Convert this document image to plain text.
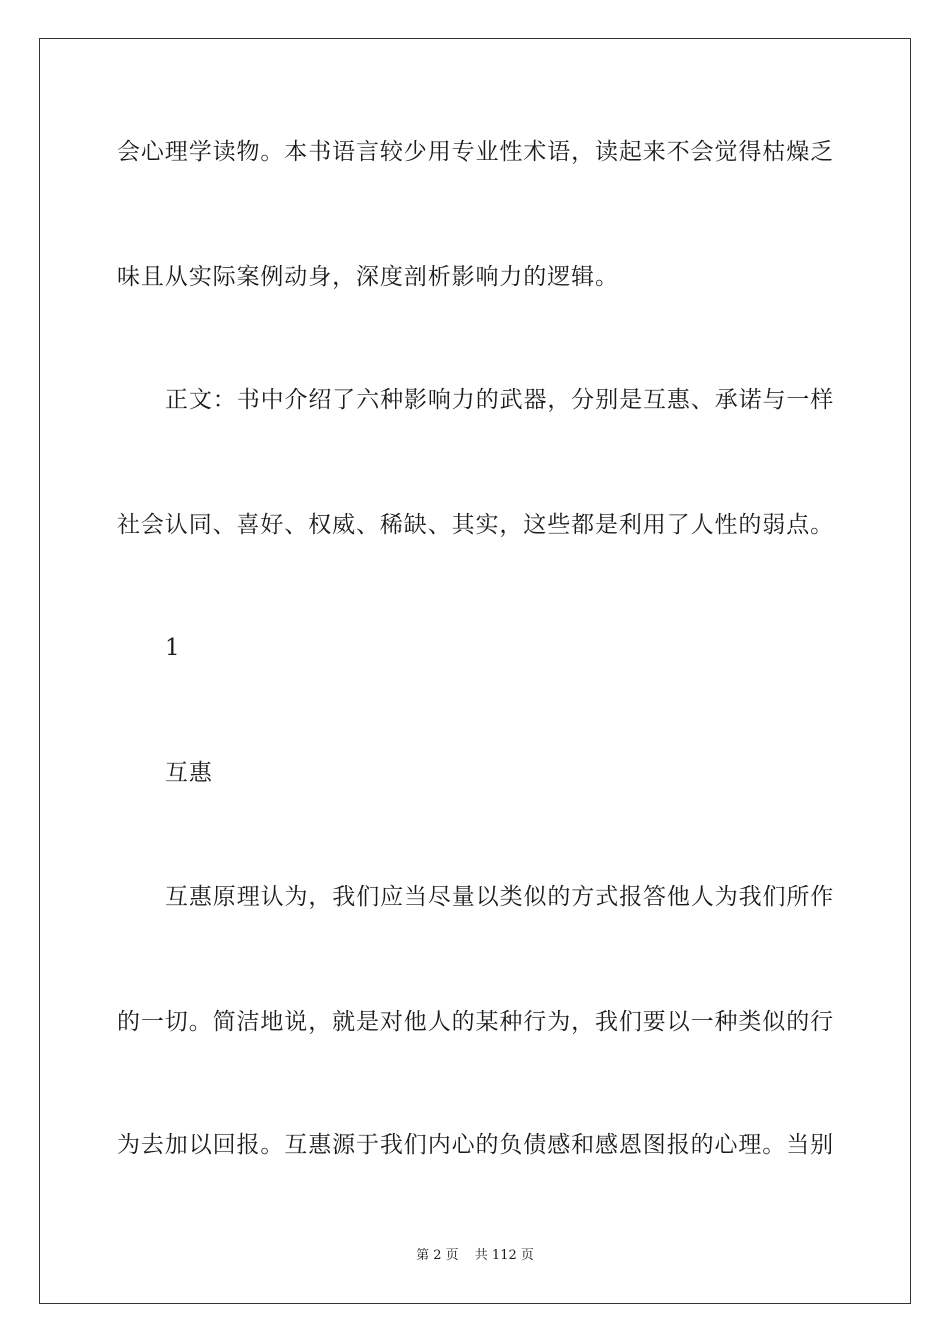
会心理学读物。本书语言较少用专业性术语，读起来不会觉得枯燥乏
味且从实际案例动身，深度剖析影响力的逻辑。
正文：书中介绍了六种影响力的武器，分别是互惠、承诺与一样
社会认同、喜好、权威、稀缺、其实，这些都是利用了人性的弱点。
1
互惠
互惠原理认为，我们应当尽量以类似的方式报答他人为我们所作
的一切。简洁地说，就是对他人的某种行为，我们要以一种类似的行
为去加以回报。互惠源于我们内心的负债感和感恩图报的心理。当别
第 2 页 共 112 页
